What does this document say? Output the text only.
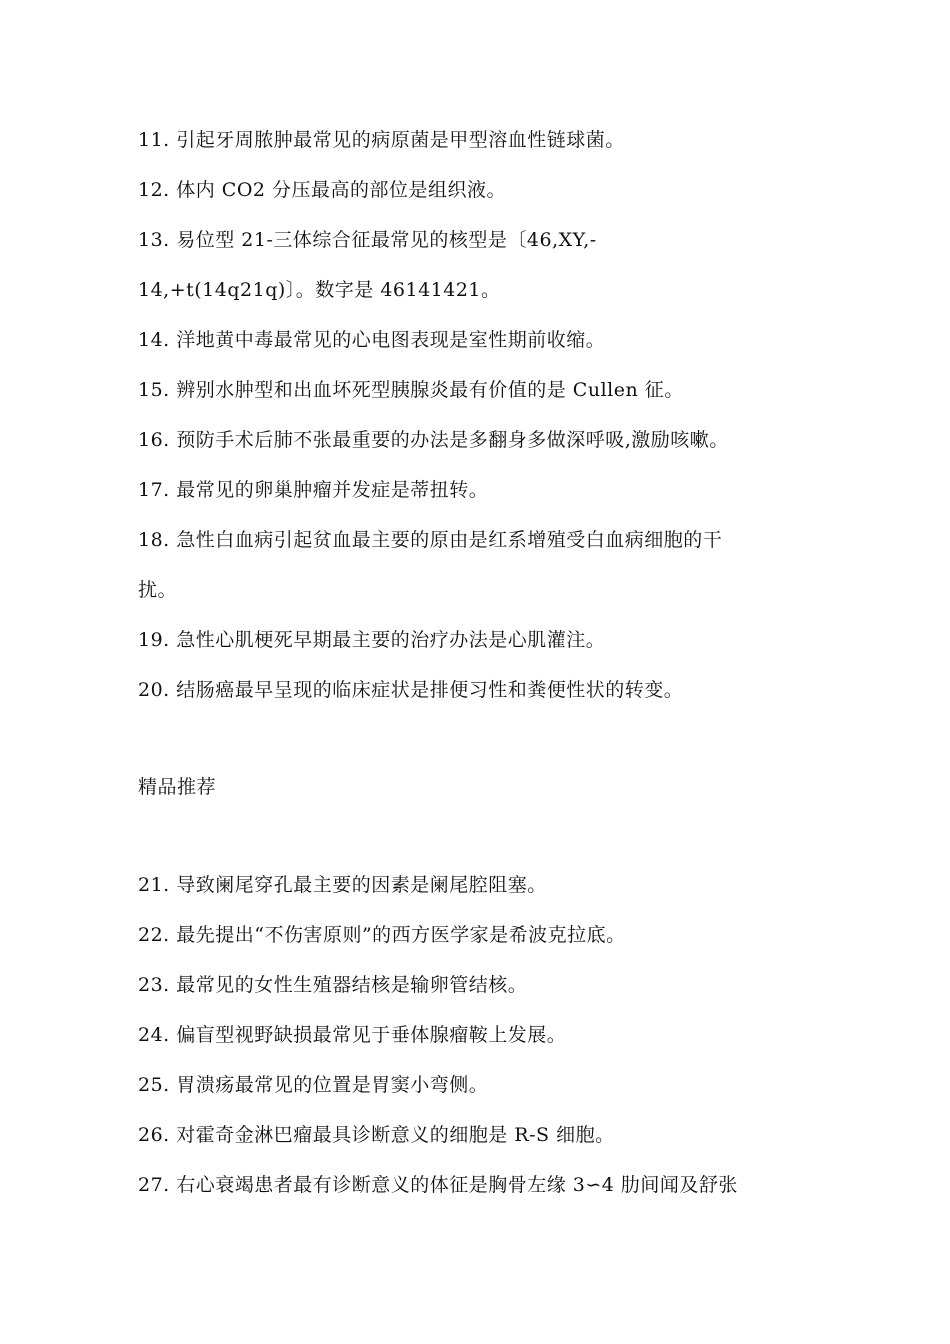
11. 引起牙周脓肿最常见的病原菌是甲型溶血性链球菌。
12. 体内 CO2 分压最高的部位是组织液。
13. 易位型 21-三体综合征最常见的核型是〔46,XY,-
14,+t(14q21q)〕。数字是 46141421。
14. 洋地黄中毒最常见的心电图表现是室性期前收缩。
15. 辨别水肿型和出血坏死型胰腺炎最有价值的是 Cullen 征。
16. 预防手术后肺不张最重要的办法是多翻身多做深呼吸,激励咳嗽。
17. 最常见的卵巢肿瘤并发症是蒂扭转。
18. 急性白血病引起贫血最主要的原由是红系增殖受白血病细胞的干
扰。
19. 急性心肌梗死早期最主要的治疗办法是心肌灌注。
20. 结肠癌最早呈现的临床症状是排便习性和粪便性状的转变。
精品推荐
21. 导致阑尾穿孔最主要的因素是阑尾腔阻塞。
22. 最先提出“不伤害原则”的西方医学家是希波克拉底。
23. 最常见的女性生殖器结核是输卵管结核。
24. 偏盲型视野缺损最常见于垂体腺瘤鞍上发展。
25. 胃溃疡最常见的位置是胃窦小弯侧。
26. 对霍奇金淋巴瘤最具诊断意义的细胞是 R-S 细胞。
27. 右心衰竭患者最有诊断意义的体征是胸骨左缘 3∽4 肋间闻及舒张
